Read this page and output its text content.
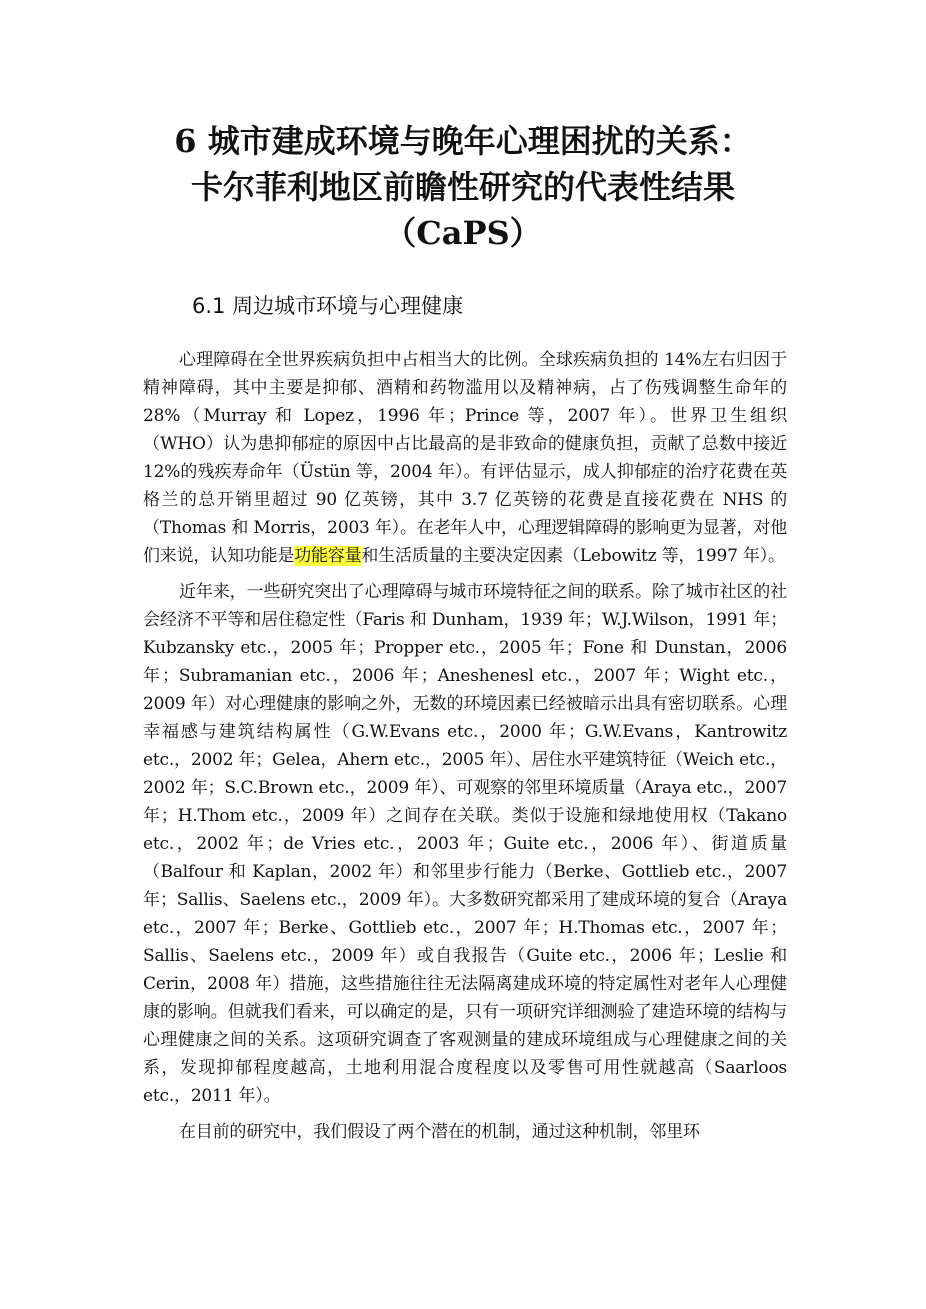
6 城市建成环境与晚年心理困扰的关系：
卡尔菲利地区前瞻性研究的代表性结果
（CaPS）
6.1 周边城市环境与心理健康

心理障碍在全世界疾病负担中占相当大的比例。全球疾病负担的 14%左右归因于精神障碍，其中主要是抑郁、酒精和药物滥用以及精神病，占了伤残调整生命年的 28%（Murray 和 Lopez，1996 年；Prince 等，2007 年）。世界卫生组织（WHO）认为患抑郁症的原因中占比最高的是非致命的健康负担，贡献了总数中接近 12%的残疾寿命年（Üstün 等，2004 年）。有评估显示，成人抑郁症的治疗花费在英格兰的总开销里超过 90 亿英镑，其中 3.7 亿英镑的花费是直接花费在 NHS 的（Thomas 和 Morris，2003 年）。在老年人中，心理逻辑障碍的影响更为显著，对他们来说，认知功能是功能容量和生活质量的主要决定因素（Lebowitz 等，1997 年）。

近年来，一些研究突出了心理障碍与城市环境特征之间的联系。除了城市社区的社会经济不平等和居住稳定性（Faris 和 Dunham，1939 年；W.J.Wilson，1991 年；Kubzansky etc.，2005 年；Propper etc.，2005 年；Fone 和 Dunstan，2006 年；Subramanian etc.，2006 年；Aneshenesl etc.，2007 年；Wight etc.，2009 年）对心理健康的影响之外，无数的环境因素已经被暗示出具有密切联系。心理幸福感与建筑结构属性（G.W.Evans etc.，2000 年；G.W.Evans，Kantrowitz etc.，2002 年；Gelea，Ahern etc.，2005 年）、居住水平建筑特征（Weich etc.，2002 年；S.C.Brown etc.，2009 年）、可观察的邻里环境质量（Araya etc.，2007 年；H.Thom etc.，2009 年）之间存在关联。类似于设施和绿地使用权（Takano etc.，2002 年；de Vries etc.，2003 年；Guite etc.，2006 年）、街道质量（Balfour 和 Kaplan，2002 年）和邻里步行能力（Berke、Gottlieb etc.，2007 年；Sallis、Saelens etc.，2009 年）。大多数研究都采用了建成环境的复合（Araya etc.，2007 年；Berke、Gottlieb etc.，2007 年；H.Thomas etc.，2007 年；Sallis、Saelens etc.，2009 年）或自我报告（Guite etc.，2006 年；Leslie 和 Cerin，2008 年）措施，这些措施往往无法隔离建成环境的特定属性对老年人心理健康的影响。但就我们看来，可以确定的是，只有一项研究详细测验了建造环境的结构与心理健康之间的关系。这项研究调查了客观测量的建成环境组成与心理健康之间的关系，发现抑郁程度越高，土地利用混合度程度以及零售可用性就越高（Saarloos etc.，2011 年）。

在目前的研究中，我们假设了两个潜在的机制，通过这种机制，邻里环
